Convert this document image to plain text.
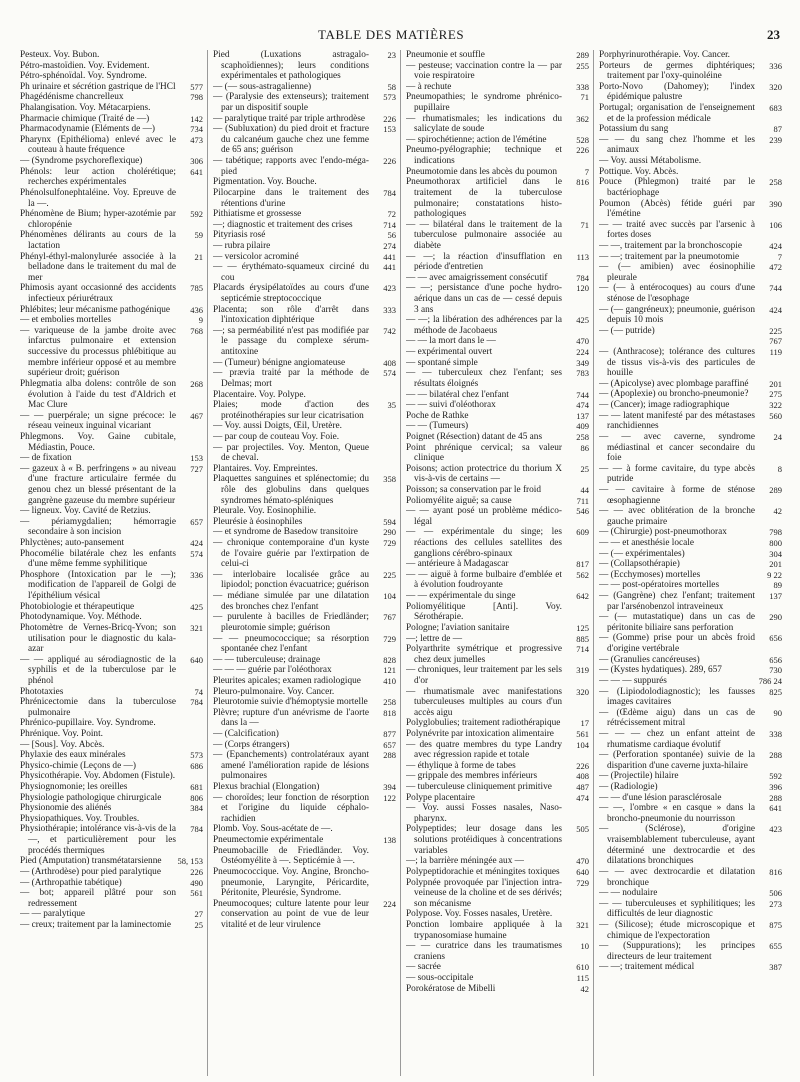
TABLE DES MATIÈRES	23
Pesteux. Voy. Bubon.
Pétro-mastoïdien. Voy. Évidement.
Pétro-sphénoïdal. Voy. Syndrome.
577
Ph urinaire et sécrétion gastrique de l'HCl
798
Phagédénisme chancrelleux
Phalangisation. Voy. Métacarpiens.
142
Pharmacie chimique (Traité de —)
734
Pharmacodynamie (Éléments de —)
473
Pharynx (Epithélioma) enlevé avec le couteau à haute fréquence
306
— (Syndrome psychoreflexique)
641
Phénols: leur action cholérétique; recherches expérimentales
Phénolsulfonephtaléine. Voy. Épreuve de la —.
592
Phénomène de Bium; hyper-azotémie par chloropénie
59
Phénomènes délirants au cours de la lactation
21
Phényl-éthyl-malonylurée associée à la belladone dans le traitement du mal de mer
785
Phimosis ayant occasionné des accidents infectieux périurétraux
436
Phlébites; leur mécanisme pathogénique
9
— et embolies mortelles
768
— variqueuse de la jambe droite avec infarctus pulmonaire et extension successive du processus phlébitique au membre inférieur opposé et au membre supérieur droit; guérison
268
Phlegmatia alba dolens: contrôle de son évolution à l'aide du test d'Aldrich et Mac Clure
467
— — puerpérale; un signe précoce: le réseau veineux inguinal vicariant
Phlegmons. Voy. Gaine cubitale, Médiastin, Pouce.
153
— de fixation
727
— gazeux à « B. perfringens » au niveau d'une fracture articulaire fermée du genou chez un blessé présentant de la gangrène gazeuse du membre supérieur
— ligneux. Voy. Cavité de Retzius.
657
— périamygdalien; hémorragie secondaire à son incision
424
Phlyctènes; auto-pansement
574
Phocomélie bilatérale chez les enfants d'une même femme syphilitique
336
Phosphore (Intoxication par le —); modification de l'appareil de Golgi de l'épithélium vésical
425
Photobiologie et thérapeutique
Photodynamique. Voy. Méthode.
321
Photomètre de Vernes-Bricq-Yvon; son utilisation pour le diagnostic du kala-azar
640
— — appliqué au sérodiagnostic de la syphilis et de la tuberculose par le phénol
74
Phototaxies
784
Phrénicectomie dans la tuberculose pulmonaire
Phrénico-pupillaire. Voy. Syndrome.
Phrénique. Voy. Point.
— [Sous]. Voy. Abcès.
573
Phylaxie des eaux minérales
686
Physico-chimie (Leçons de —)
Physicothérapie. Voy. Abdomen (Fistule).
681
Physiognomonie; les oreilles
806
Physiologie pathologique chirurgicale
384
Physionomie des aliénés
Physiopathiques. Voy. Troubles.
784
Physiothérapie; intolérance vis-à-vis de la —, et particulièrement pour les procédés thermiques
58, 153
Pied (Amputation) transmétatarsienne
226
— (Arthrodèse) pour pied paralytique
490
— (Arthropathie tabétique)
561
— bot; appareil plâtré pour son redressement
27
— — paralytique
25
— creux; traitement par la laminectomie
23
Pied (Luxations astragalo-scaphoïdiennes); leurs conditions expérimentales et pathologiques
58
— (— sous-astragalienne)
573
— (Paralysie des extenseurs); traitement par un dispositif souple
226
— paralytique traité par triple arthrodèse
153
— (Subluxation) du pied droit et fracture du calcanéum gauche chez une femme de 65 ans; guérison
226
— tabétique; rapports avec l'endo-méga-pied
Pigmentation. Voy. Bouche.
784
Pilocarpine dans le traitement des rétentions d'urine
72
Pithiatisme et grossesse
714
—; diagnostic et traitement des crises
56
Pityriasis rosé
274
— rubra pilaire
441
— versicolor acrominé
441
— — érythémato-squameux circiné du cou
423
Placards érysipélatoïdes au cours d'une septicémie streptococcique
333
Placenta; son rôle d'arrêt dans l'intoxication diphtérique
742
—; sa perméabilité n'est pas modifiée par le passage du complexe sérum-antitoxine
408
— (Tumeur) bénigne angiomateuse
574
— prævia traité par la méthode de Delmas; mort
Placentaire. Voy. Polype.
35
Plaies; mode d'action des protéinothérapies sur leur cicatrisation
— Voy. aussi Doigts, Œil, Uretère.
— par coup de couteau Voy. Foie.
— par projectiles. Voy. Menton, Queue de cheval.
Plantaires. Voy. Empreintes.
358
Plaquettes sanguines et splénectomie; du rôle des globulins dans quelques syndromes hémato-spléniques
Pleurale. Voy. Éosinophilie.
594
Pleurésie à éosinophiles
290
— et syndrome de Basedow transitoire
729
— chronique contemporaine d'un kyste de l'ovaire guérie par l'extirpation de celui-ci
225
— interlobaire localisée grâce au lipiodol; ponction évacuatrice; guérison
104
— médiane simulée par une dilatation des bronches chez l'enfant
767
— purulente à bacilles de Friedländer; pleurotomie simple; guérison
729
— — pneumococcique; sa résorption spontanée chez l'enfant
828
— — tuberculeuse; drainage
121
— — — guérie par l'oléothorax
410
Pleurites apicales; examen radiologique
Pleuro-pulmonaire. Voy. Cancer.
258
Pleurotomie suivie d'hémoptysie mortelle
818
Plèvre; rupture d'un anévrisme de l'aorte dans la —
877
— (Calcification)
657
— (Corps étrangers)
288
— (Épanchements) controlatéraux ayant amené l'amélioration rapide de lésions pulmonaires
394
Plexus brachial (Elongation)
122
— choroïdes; leur fonction de résorption et l'origine du liquide céphalo-rachidien
Plomb. Voy. Sous-acétate de —.
138
Pneumectomie expérimentale
Pneumobacille de Friedländer. Voy. Ostéomyélite à —. Septicémie à —.
Pneumococcique. Voy. Angine, Broncho-pneumonie, Laryngite, Péricardite, Péritonite, Pleurésie, Syndrome.
224
Pneumocoques; culture latente pour leur conservation au point de vue de leur vitalité et de leur virulence
289
Pneumonie et souffle
255
— pesteuse; vaccination contre la — par voie respiratoire
338
— à rechute
71
Pneumopathies; le syndrome phrénico-pupillaire
362
— rhumatismales; les indications du salicylate de soude
528
— spirochétienne; action de l'émétine
226
Pneumo-pyélographie; technique et indications
7
Pneumotomie dans les abcès du poumon
816
Pneumothorax artificiel dans le traitement de la tuberculose pulmonaire; constatations histo-pathologiques
71
— — bilatéral dans le traitement de la tuberculose pulmonaire associée au diabète
113
— —; la réaction d'insufflation en période d'entretien
784
— — avec amaigrissement consécutif
120
— —; persistance d'une poche hydro-aérique dans un cas de — cessé depuis 3 ans
425
— —; la libération des adhérences par la méthode de Jacobaeus
470
— — la mort dans le —
224
— expérimental ouvert
349
— spontané simple
783
— — tuberculeux chez l'enfant; ses résultats éloignés
744
— — bilatéral chez l'enfant
474
— — suivi d'oléothorax
137
Poche de Rathke
409
— — (Tumeurs)
258
Poignet (Résection) datant de 45 ans
86
Point phrénique cervical; sa valeur clinique
25
Poisons; action protectrice du thorium X vis-à-vis de certains —
44
Poisson; sa conservation par le froid
711
Poliomyélite aiguë; sa cause
546
— — ayant posé un problème médico-légal
609
— — expérimentale du singe; les réactions des cellules satellites des ganglions cérébro-spinaux
817
— antérieure à Madagascar
562
— — aiguë à forme bulbaire d'emblée et à évolution foudroyante
642
— — expérimentale du singe
Poliomyélitique [Anti]. Voy. Sérothérapie.
125
Pologne; l'aviation sanitaire
885
—; lettre de —
714
Polyarthrite symétrique et progressive chez deux jumelles
319
— chroniques, leur traitement par les sels d'or
320
— rhumatismale avec manifestations tuberculeuses multiples au cours d'un accès aigu
17
Polyglobulies; traitement radiothérapique
561
Polynévrite par intoxication alimentaire
104
— des quatre membres du type Landry avec régression rapide et totale
226
— éthylique à forme de tabes
408
— grippale des membres inférieurs
487
— tuberculeuse cliniquement primitive
474
Polype placentaire
— Voy. aussi Fosses nasales, Naso-pharynx.
505
Polypeptides; leur dosage dans les solutions protéidiques à concentrations variables
470
—; la barrière méningée aux —
640
Polypeptidorachie et méningites toxiques
729
Polypnée provoquée par l'injection intra-veineuse de la choline et de ses dérivés; son mécanisme
Polypose. Voy. Fosses nasales, Uretère.
321
Ponction lombaire appliquée à la trypanosomiase humaine
10
— — curatrice dans les traumatismes craniens
610
— sacrée
115
— sous-occipitale
42
Porokératose de Mibelli
Porphyrinurothérapie. Voy. Cancer.
336
Porteurs de germes diphtériques; traitement par l'oxy-quinoléine
320
Porto-Novo (Dahomey); l'index épidémique palustre
683
Portugal; organisation de l'enseignement et de la profession médicale
87
Potassium du sang
239
— — du sang chez l'homme et les animaux
— Voy. aussi Métabolisme.
Pottique. Voy. Abcès.
258
Pouce (Phlegmon) traité par le bactériophage
390
Poumon (Abcès) fétide guéri par l'émétine
106
— — traité avec succès par l'arsenic à fortes doses
424
— —, traitement par la bronchoscopie
7
— —; traitement par la pneumotomie
472
— (— amibien) avec éosinophilie pleurale
744
— (— à entérocoques) au cours d'une sténose de l'œsophage
424
— (— gangréneux); pneumonie, guérison depuis 10 mois
225 767
— (— putride)
119
— (Anthracose); tolérance des cultures de tissus vis-à-vis des particules de houille
201
— (Apicolyse) avec plombage paraffiné
275
— (Apoplexie) ou broncho-pneumonie?
322
— (Cancer); image radiographique
560
— — latent manifesté par des métastases ranchidiennes
24
— — avec caverne, syndrome médiastinal et cancer secondaire du foie
8
— — à forme cavitaire, du type abcès putride
289
— — cavitaire à forme de sténose œsophagienne
42
— — avec oblitération de la bronche gauche primaire
798
— (Chirurgie) post-pneumothorax
800
— — et anesthésie locale
304
— (— expérimentales)
201
— (Collapsothérapie)
9 22
— (Ecchymoses) mortelles
89
— — post-opératoires mortelles
137
— (Gangrène) chez l'enfant; traitement par l'arsénobenzol intraveineux
290
— (— mutastatique) dans un cas de péritonite biliaire sans perforation
656
— (Gomme) prise pour un abcès froid d'origine vertébrale
656
— (Granulies cancéreuses)
730
— (Kystes hydatiques). 289, 657
786 24
— — — suppurés
825
— (Lipiodolodiagnostic); les fausses images cavitaires
90
— (Œdème aigu) dans un cas de rétrécissement mitral
338
— — — chez un enfant atteint de rhumatisme cardiaque évolutif
288
— (Perforation spontanée) suivie de la disparition d'une caverne juxta-hilaire
592
— (Projectile) hilaire
396
— (Radiologie)
288
— — d'une lésion parasclérosale
641
— —, l'ombre « en casque » dans la broncho-pneumonie du nourrisson
423
— (Sclérose), d'origine vraisemblablement tuberculeuse, ayant déterminé une dextrocardie et des dilatations bronchiques
816
— — avec dextrocardie et dilatation bronchique
506
— — nodulaire
273
— — tuberculeuses et syphilitiques; les difficultés de leur diagnostic
875
— (Silicose); étude microscopique et chimique de l'expectoration
655
— (Suppurations); les principes directeurs de leur traitement
387
— —; traitement médical
